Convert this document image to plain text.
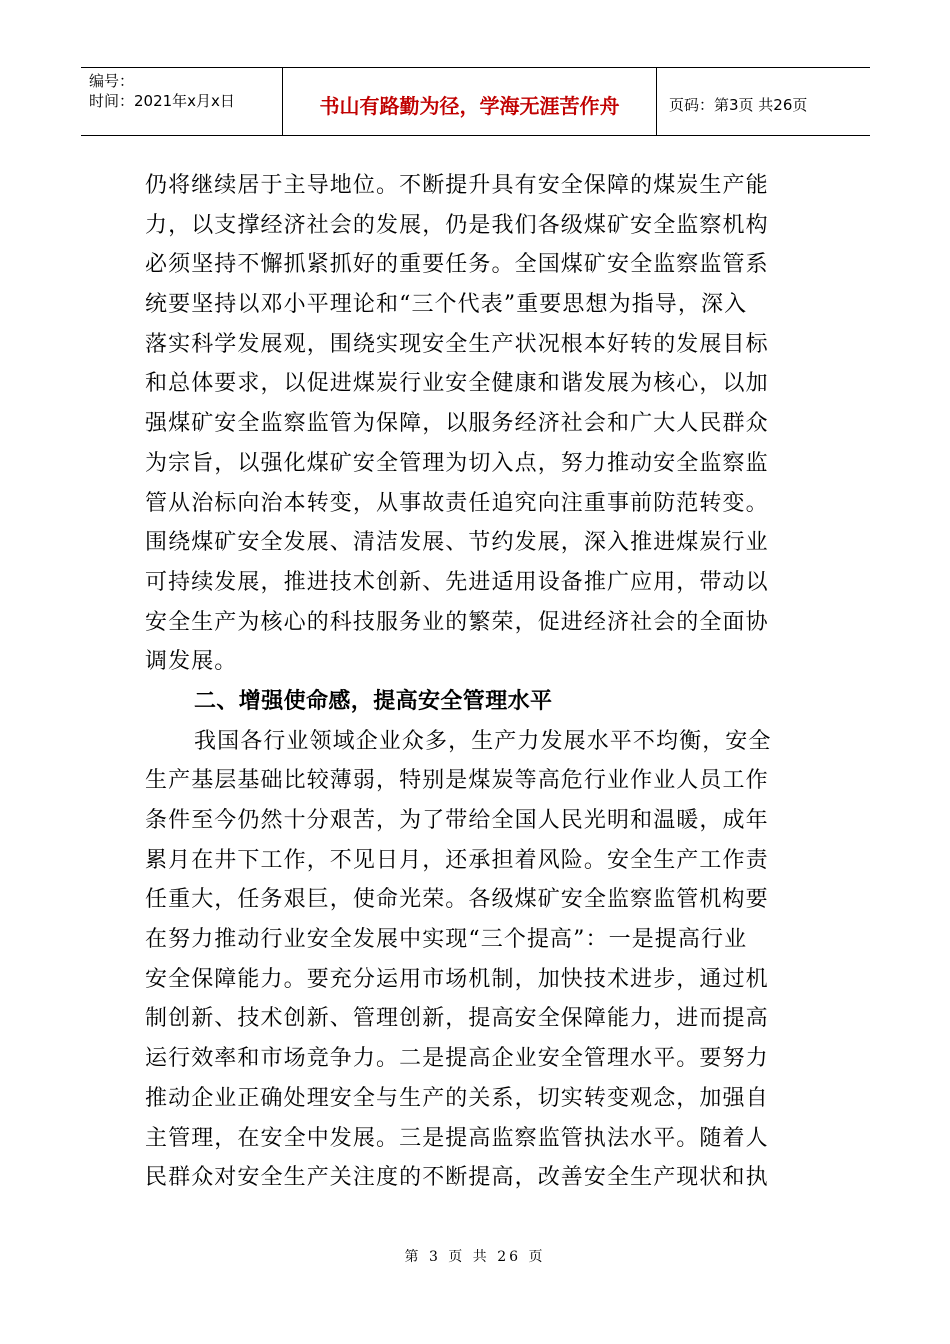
编号：
时间：2021年x月x日	书山有路勤为径，学海无涯苦作舟	页码：第3页 共26页
仍将继续居于主导地位。不断提升具有安全保障的煤炭生产能
力，以支撑经济社会的发展，仍是我们各级煤矿安全监察机构
必须坚持不懈抓紧抓好的重要任务。全国煤矿安全监察监管系
统要坚持以邓小平理论和“三个代表”重要思想为指导，深入
落实科学发展观，围绕实现安全生产状况根本好转的发展目标
和总体要求，以促进煤炭行业安全健康和谐发展为核心，以加
强煤矿安全监察监管为保障，以服务经济社会和广大人民群众
为宗旨，以强化煤矿安全管理为切入点，努力推动安全监察监
管从治标向治本转变，从事故责任追究向注重事前防范转变。
围绕煤矿安全发展、清洁发展、节约发展，深入推进煤炭行业
可持续发展，推进技术创新、先进适用设备推广应用，带动以
安全生产为核心的科技服务业的繁荣，促进经济社会的全面协
调发展。
二、增强使命感，提高安全管理水平
我国各行业领域企业众多，生产力发展水平不均衡，安全
生产基层基础比较薄弱，特别是煤炭等高危行业作业人员工作
条件至今仍然十分艰苦，为了带给全国人民光明和温暖，成年
累月在井下工作，不见日月，还承担着风险。安全生产工作责
任重大，任务艰巨，使命光荣。各级煤矿安全监察监管机构要
在努力推动行业安全发展中实现“三个提高”：一是提高行业
安全保障能力。要充分运用市场机制，加快技术进步，通过机
制创新、技术创新、管理创新，提高安全保障能力，进而提高
运行效率和市场竞争力。二是提高企业安全管理水平。要努力
推动企业正确处理安全与生产的关系，切实转变观念，加强自
主管理，在安全中发展。三是提高监察监管执法水平。随着人
民群众对安全生产关注度的不断提高，改善安全生产现状和执
第 3 页 共 26 页
